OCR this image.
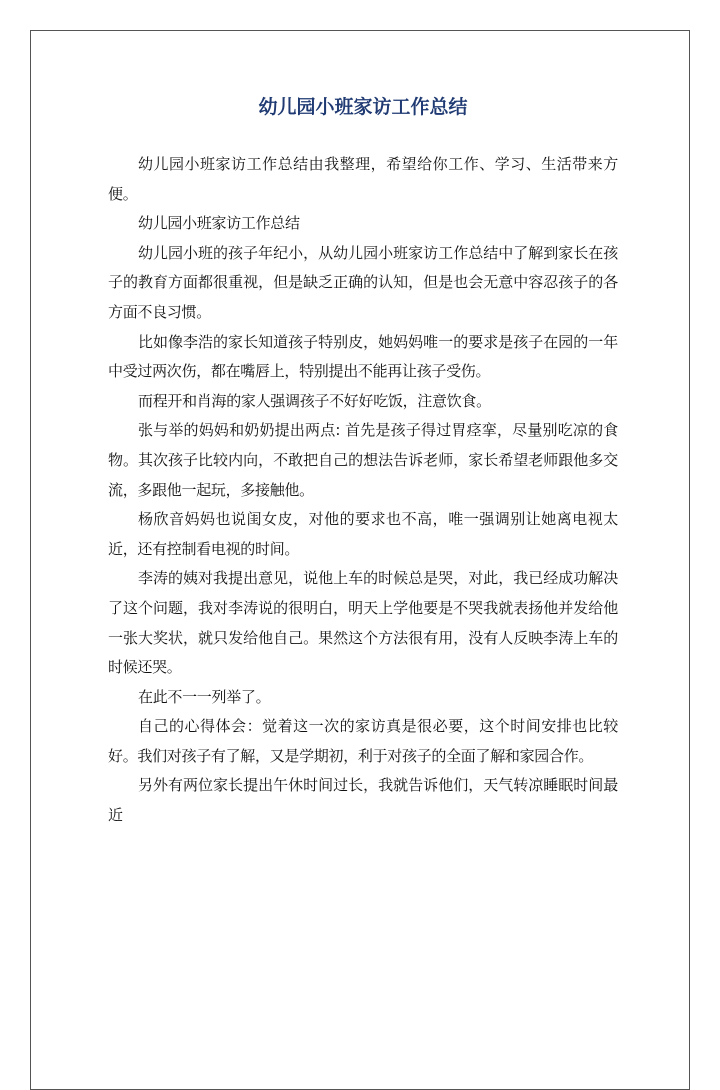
幼儿园小班家访工作总结

幼儿园小班家访工作总结由我整理，希望给你工作、学习、生活带来方便。

幼儿园小班家访工作总结

幼儿园小班的孩子年纪小，从幼儿园小班家访工作总结中了解到家长在孩子的教育方面都很重视，但是缺乏正确的认知，但是也会无意中容忍孩子的各方面不良习惯。

比如像李浩的家长知道孩子特别皮，她妈妈唯一的要求是孩子在园的一年中受过两次伤，都在嘴唇上，特别提出不能再让孩子受伤。

而程开和肖海的家人强调孩子不好好吃饭，注意饮食。

张与举的妈妈和奶奶提出两点: 首先是孩子得过胃痉挛，尽量别吃凉的食物。其次孩子比较内向，不敢把自己的想法告诉老师，家长希望老师跟他多交流，多跟他一起玩，多接触他。

杨欣音妈妈也说闺女皮，对他的要求也不高，唯一强调别让她离电视太近，还有控制看电视的时间。

李涛的姨对我提出意见，说他上车的时候总是哭，对此，我已经成功解决了这个问题，我对李涛说的很明白，明天上学他要是不哭我就表扬他并发给他一张大奖状，就只发给他自己。果然这个方法很有用，没有人反映李涛上车的时候还哭。

在此不一一列举了。

自己的心得体会：觉着这一次的家访真是很必要，这个时间安排也比较好。我们对孩子有了解，又是学期初，利于对孩子的全面了解和家园合作。

另外有两位家长提出午休时间过长，我就告诉他们，天气转凉睡眠时间最近
